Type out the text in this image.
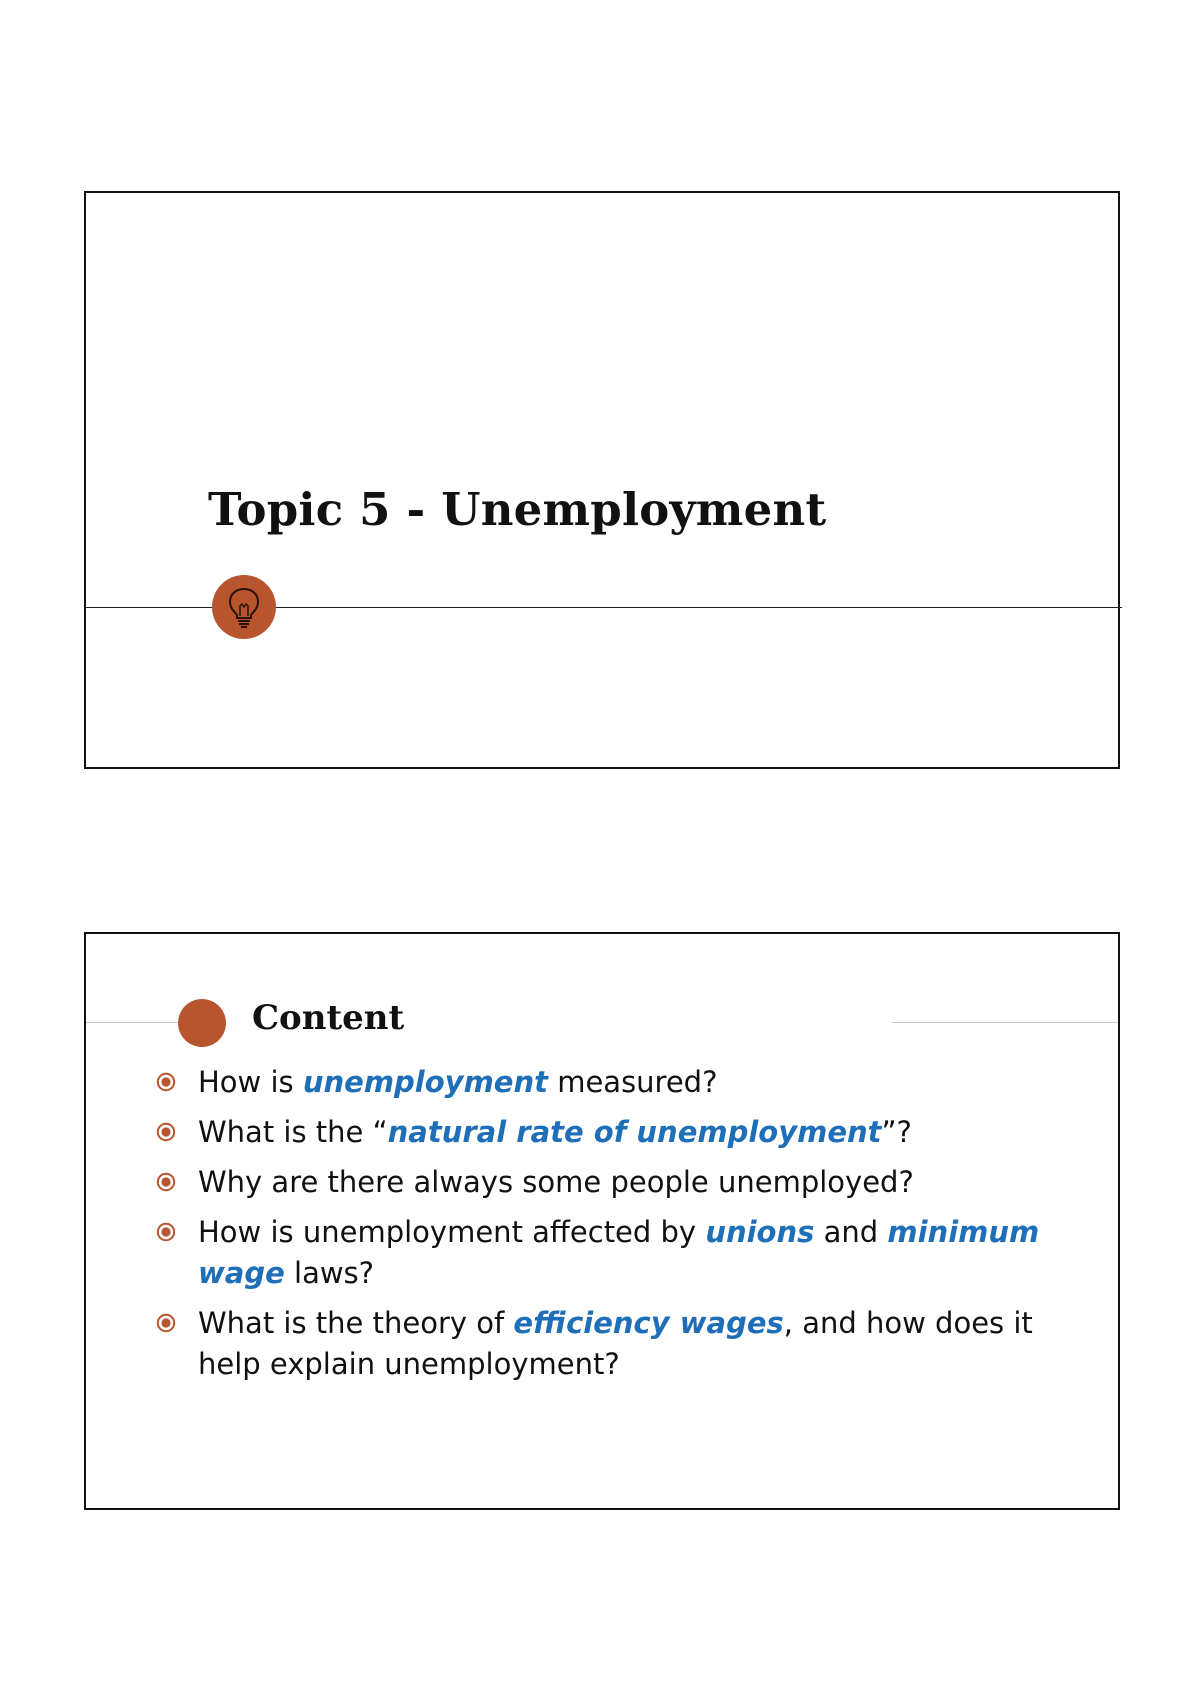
Topic 5 - Unemployment
Content
How is unemployment measured?
What is the “natural rate of unemployment”?
Why are there always some people unemployed?
How is unemployment affected by unions and minimum wage laws?
What is the theory of efficiency wages, and how does it help explain unemployment?
